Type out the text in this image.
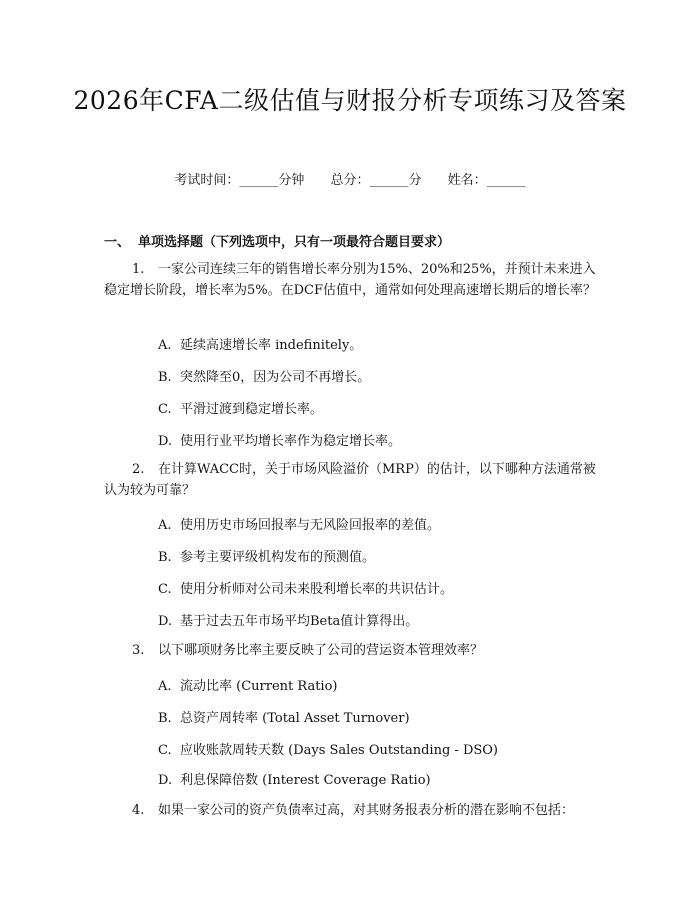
2026年CFA二级估值与财报分析专项练习及答案
考试时间：______分钟 总分：______分 姓名：______
一、 单项选择题（下列选项中，只有一项最符合题目要求）
1. 一家公司连续三年的销售增长率分别为15%、20%和25%，并预计未来进入稳定增长阶段，增长率为5%。在DCF估值中，通常如何处理高速增长期后的增长率？
A. 延续高速增长率 indefinitely。
B. 突然降至0，因为公司不再增长。
C. 平滑过渡到稳定增长率。
D. 使用行业平均增长率作为稳定增长率。
2. 在计算WACC时，关于市场风险溢价（MRP）的估计，以下哪种方法通常被认为较为可靠？
A. 使用历史市场回报率与无风险回报率的差值。
B. 参考主要评级机构发布的预测值。
C. 使用分析师对公司未来股利增长率的共识估计。
D. 基于过去五年市场平均Beta值计算得出。
3. 以下哪项财务比率主要反映了公司的营运资本管理效率？
A. 流动比率 (Current Ratio)
B. 总资产周转率 (Total Asset Turnover)
C. 应收账款周转天数 (Days Sales Outstanding - DSO)
D. 利息保障倍数 (Interest Coverage Ratio)
4. 如果一家公司的资产负债率过高，对其财务报表分析的潜在影响不包括：
